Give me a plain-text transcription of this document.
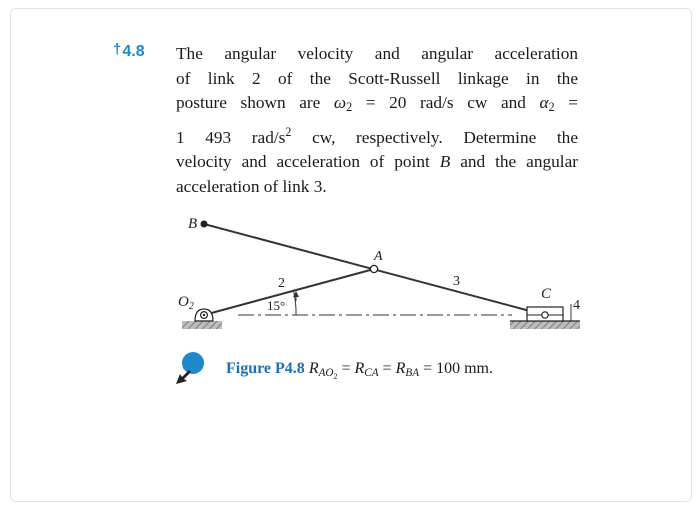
†4.8 The angular velocity and angular acceleration
of link 2 of the Scott-Russell linkage in the
posture shown are $\omega_2 = 20$ rad/s cw and $\alpha_2$ =
1 493 rad/$s^2$ cw, respectively. Determine the
velocity and acceleration of point B and the angular
acceleration of link 3.
B
A
C
2	3
4
15°
$O_2$
Figure P4.8 $R_{AO_2} = R_{CA} = R_{BA} = 100$ mm.
